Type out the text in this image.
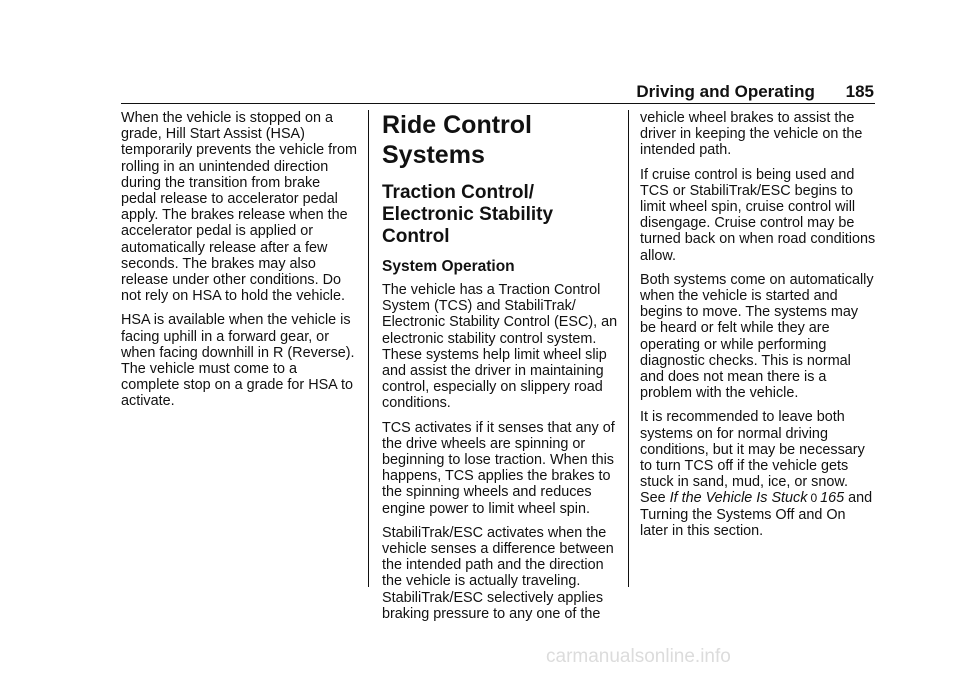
Driving and Operating 185

When the vehicle is stopped on a grade, Hill Start Assist (HSA) temporarily prevents the vehicle from rolling in an unintended direction during the transition from brake pedal release to accelerator pedal apply. The brakes release when the accelerator pedal is applied or automatically release after a few seconds. The brakes may also release under other conditions. Do not rely on HSA to hold the vehicle.

HSA is available when the vehicle is facing uphill in a forward gear, or when facing downhill in R (Reverse). The vehicle must come to a complete stop on a grade for HSA to activate.

Ride Control Systems
Traction Control/ Electronic Stability Control
System Operation

The vehicle has a Traction Control System (TCS) and StabiliTrak/ Electronic Stability Control (ESC), an electronic stability control system. These systems help limit wheel slip and assist the driver in maintaining control, especially on slippery road conditions.

TCS activates if it senses that any of the drive wheels are spinning or beginning to lose traction. When this happens, TCS applies the brakes to the spinning wheels and reduces engine power to limit wheel spin.

StabiliTrak/ESC activates when the vehicle senses a difference between the intended path and the direction the vehicle is actually traveling. StabiliTrak/ESC selectively applies braking pressure to any one of the

vehicle wheel brakes to assist the driver in keeping the vehicle on the intended path.

If cruise control is being used and TCS or StabiliTrak/ESC begins to limit wheel spin, cruise control will disengage. Cruise control may be turned back on when road conditions allow.

Both systems come on automatically when the vehicle is started and begins to move. The systems may be heard or felt while they are operating or while performing diagnostic checks. This is normal and does not mean there is a problem with the vehicle.

It is recommended to leave both systems on for normal driving conditions, but it may be necessary to turn TCS off if the vehicle gets stuck in sand, mud, ice, or snow. See If the Vehicle Is Stuck 0 165 and Turning the Systems Off and On later in this section.

carmanualsonline.info
